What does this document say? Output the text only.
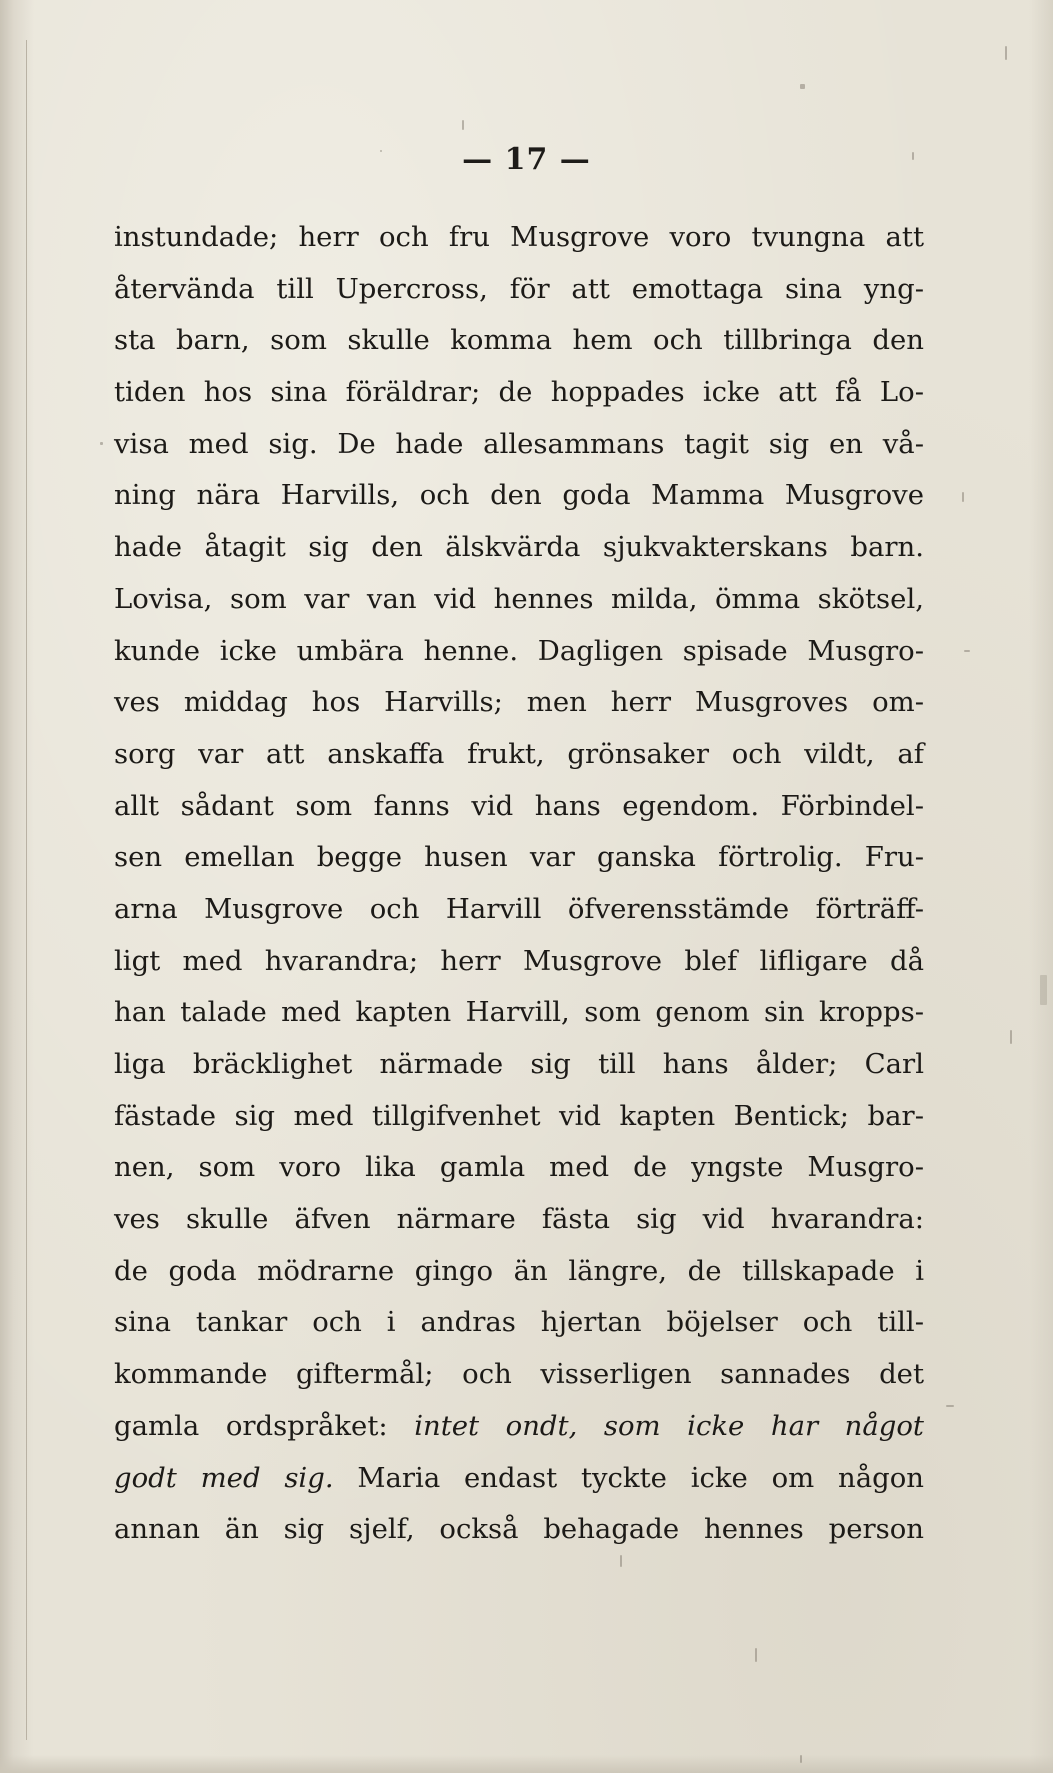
— 17 —
instundade; herr och fru Musgrove voro tvungna att
återvända till Upercross, för att emottaga sina yng-
sta barn, som skulle komma hem och tillbringa den
tiden hos sina föräldrar; de hoppades icke att få Lo-
visa med sig. De hade allesammans tagit sig en vå-
ning nära Harvills, och den goda Mamma Musgrove
hade åtagit sig den älskvärda sjukvakterskans barn.
Lovisa, som var van vid hennes milda, ömma skötsel,
kunde icke umbära henne. Dagligen spisade Musgro-
ves middag hos Harvills; men herr Musgroves om-
sorg var att anskaffa frukt, grönsaker och vildt, af
allt sådant som fanns vid hans egendom. Förbindel-
sen emellan begge husen var ganska förtrolig. Fru-
arna Musgrove och Harvill öfverensstämde förträff-
ligt med hvarandra; herr Musgrove blef lifligare då
han talade med kapten Harvill, som genom sin kropps-
liga bräcklighet närmade sig till hans ålder; Carl
fästade sig med tillgifvenhet vid kapten Bentick; bar-
nen, som voro lika gamla med de yngste Musgro-
ves skulle äfven närmare fästa sig vid hvarandra:
de goda mödrarne gingo än längre, de tillskapade i
sina tankar och i andras hjertan böjelser och till-
kommande giftermål; och visserligen sannades det
gamla ordspråket: intet ondt, som icke har något
godt med sig. Maria endast tyckte icke om någon
annan än sig sjelf, också behagade hennes person
